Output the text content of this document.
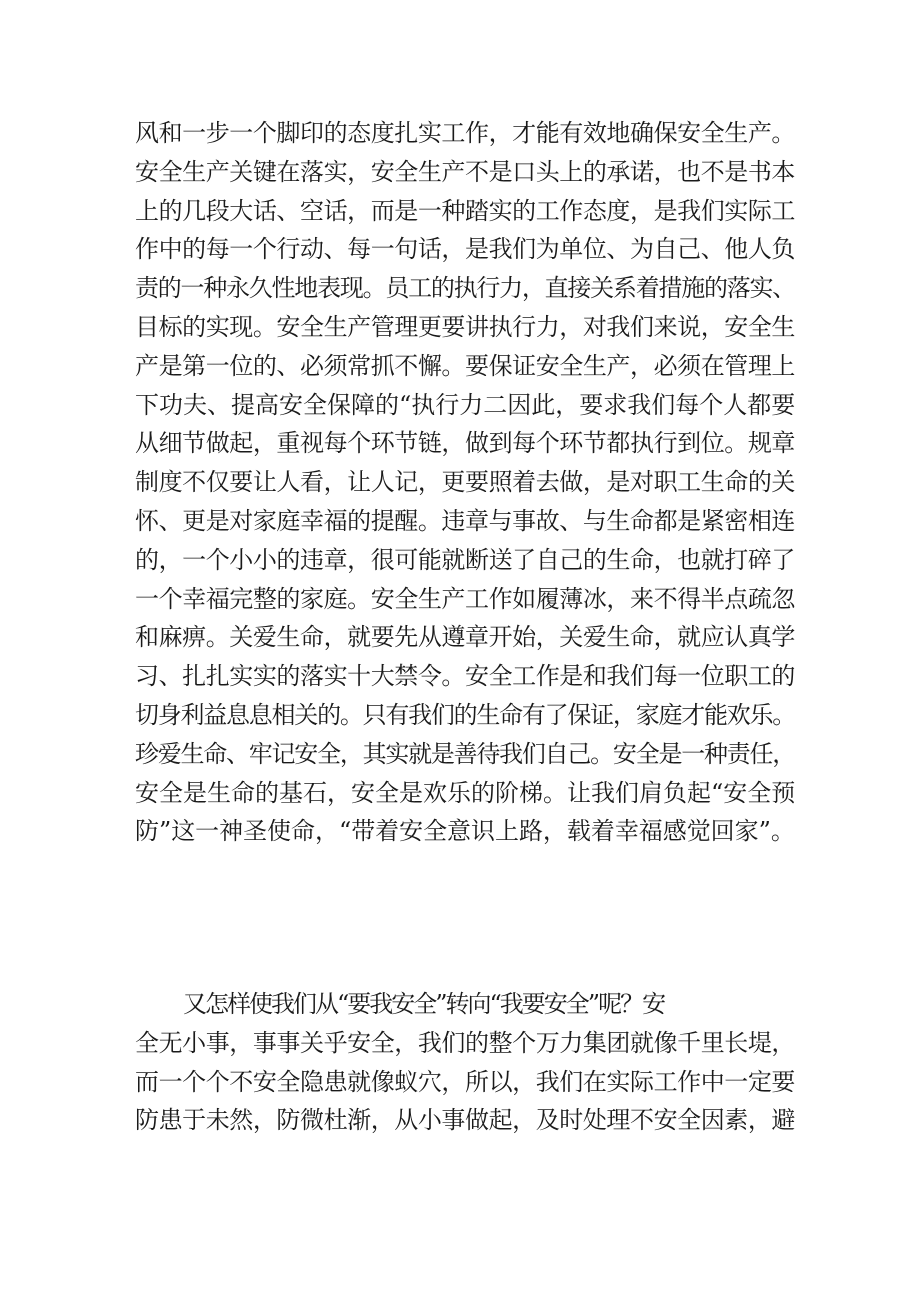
风和一步一个脚印的态度扎实工作，才能有效地确保安全生产。
安全生产关键在落实，安全生产不是口头上的承诺，也不是书本
上的几段大话、空话，而是一种踏实的工作态度，是我们实际工
作中的每一个行动、每一句话，是我们为单位、为自己、他人负
责的一种永久性地表现。员工的执行力，直接关系着措施的落实、
目标的实现。安全生产管理更要讲执行力，对我们来说，安全生
产是第一位的、必须常抓不懈。要保证安全生产，必须在管理上
下功夫、提高安全保障的“执行力二因此，要求我们每个人都要
从细节做起，重视每个环节链，做到每个环节都执行到位。规章
制度不仅要让人看，让人记，更要照着去做，是对职工生命的关
怀、更是对家庭幸福的提醒。违章与事故、与生命都是紧密相连
的，一个小小的违章，很可能就断送了自己的生命，也就打碎了
一个幸福完整的家庭。安全生产工作如履薄冰，来不得半点疏忽
和麻痹。关爱生命，就要先从遵章开始，关爱生命，就应认真学
习、扎扎实实的落实十大禁令。安全工作是和我们每一位职工的
切身利益息息相关的。只有我们的生命有了保证，家庭才能欢乐。
珍爱生命、牢记安全，其实就是善待我们自己。安全是一种责任，
安全是生命的基石，安全是欢乐的阶梯。让我们肩负起“安全预
防”这一神圣使命，“带着安全意识上路，载着幸福感觉回家”。
又怎样使我们从“要我安全”转向“我要安全”呢？安
全无小事，事事关乎安全，我们的整个万力集团就像千里长堤，
而一个个不安全隐患就像蚁穴，所以，我们在实际工作中一定要
防患于未然，防微杜渐，从小事做起，及时处理不安全因素，避
